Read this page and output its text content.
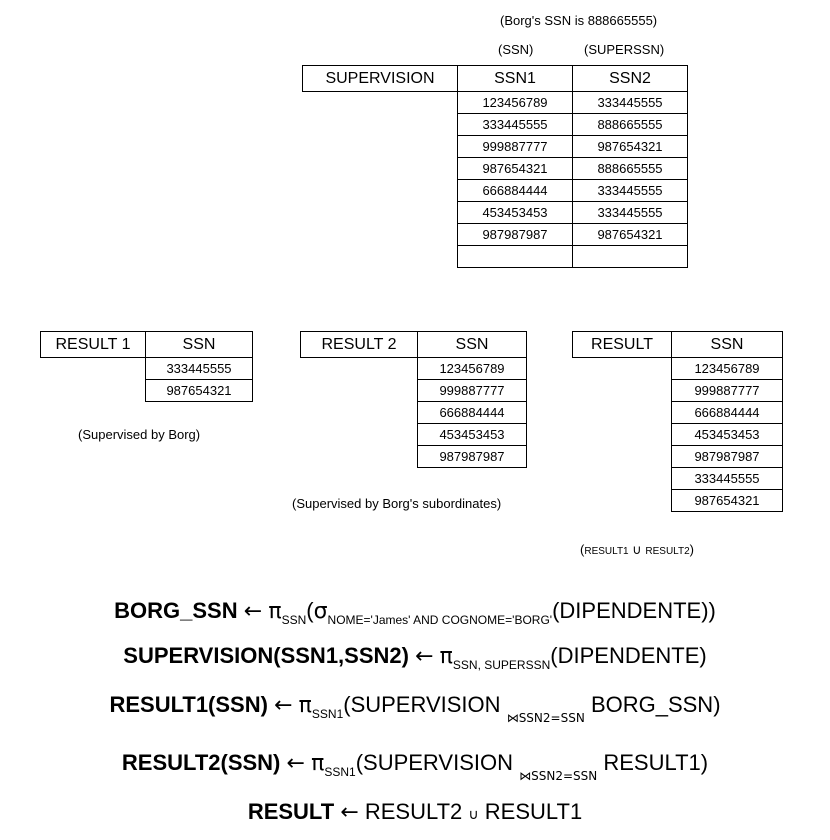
(Borg's SSN is 888665555)
(SSN)	(SUPERSSN)
SUPERVISION	SSN1	SSN2
	123456789	333445555
	333445555	888665555
	999887777	987654321
	987654321	888665555
	666884444	333445555
	453453453	333445555
	987987987	987654321

RESULT 1	SSN
	333445555
	987654321
(Supervised by Borg)
RESULT 2	SSN
	123456789
	999887777
	666884444
	453453453
	987987987
(Supervised by Borg's subordinates)
RESULT	SSN
	123456789
	999887777
	666884444
	453453453
	987987987
	333445555
	987654321
(RESULT1 ∪ RESULT2)
BORG_SSN ← $\pi_{SSN}(\sigma_{NOME='James' AND COGNOME='BORG'}(DIPENDENTE))$
SUPERVISION(SSN1,SSN2) ← $\pi_{SSN, SUPERSSN}(DIPENDENTE)$
RESULT1(SSN) ← $\pi_{SSN1}(SUPERVISION$ $_{⋈SSN2=SSN}$ BORG_SSN)
RESULT2(SSN) ← $\pi_{SSN1}(SUPERVISION$ $_{⋈SSN2=SSN}$ RESULT1)
RESULT ← RESULT2 ∪ RESULT1
